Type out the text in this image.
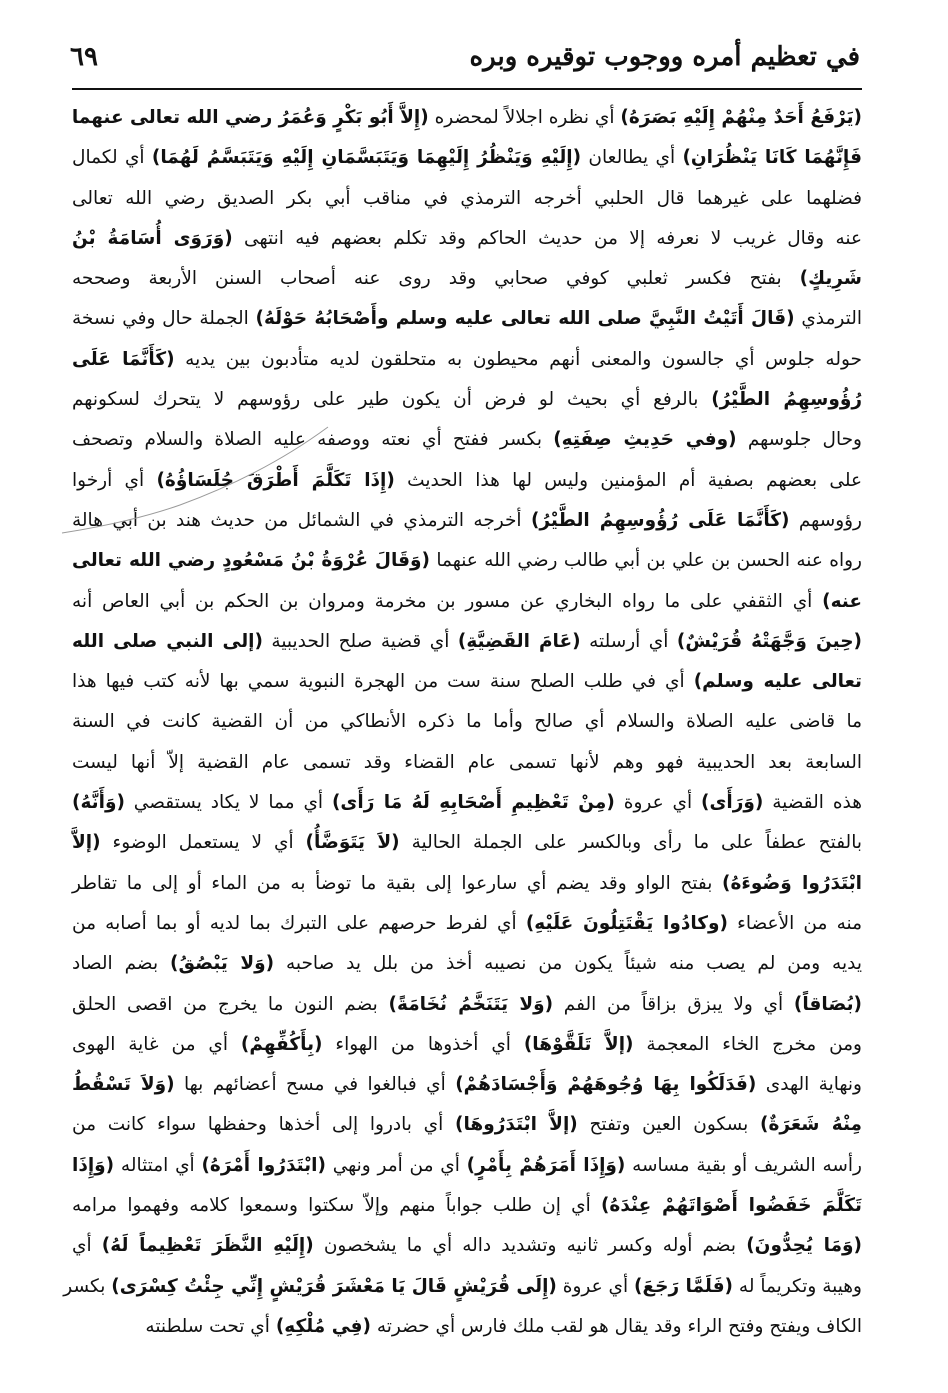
في تعظيم أمره ووجوب توقيره وبره
٦٩
(يَرْفَعُ أَحَدٌ مِنْهُمْ إِلَيْهِ بَصَرَهُ) أي نظره اجلالاً لمحضره (إِلاَّ أَبُو بَكْرٍ وَعُمَرُ رضي الله تعالى عنهما
فَإِنَّهُمَا كَانَا يَنْظُرَانِ) أي يطالعان (إِلَيْهِ وَيَنْظُرُ إِلَيْهِمَا وَيَتَبَسَّمَانِ إِلَيْهِ وَيَتَبَسَّمُ لَهُمَا) أي لكمال
فضلهما على غيرهما قال الحلبي أخرجه الترمذي في مناقب أبي بكر الصديق رضي الله تعالى
عنه وقال غريب لا نعرفه إلا من حديث الحاكم وقد تكلم بعضهم فيه انتهى (وَرَوَى أُسَامَةُ بْنُ
شَرِيكٍ) بفتح فكسر ثعلبي كوفي صحابي وقد روى عنه أصحاب السنن الأربعة وصححه
الترمذي (قَالَ أَتَيْتُ النَّبِيَّ صلى الله تعالى عليه وسلم وأَصْحَابُهُ حَوْلَهُ) الجملة حال وفي نسخة
حوله جلوس أي جالسون والمعنى أنهم محيطون به متحلقون لديه متأدبون بين يديه (كَأَنَّمَا عَلَى
رُؤُوسِهِمُ الطَّيْرُ) بالرفع أي بحيث لو فرض أن يكون طير على رؤوسهم لا يتحرك لسكونهم
وحال جلوسهم (وفي حَدِيثِ صِفَتِهِ) بكسر ففتح أي نعته ووصفه عليه الصلاة والسلام وتصحف
على بعضهم بصفية أم المؤمنين وليس لها هذا الحديث (إِذَا تَكَلَّمَ أَطْرَقَ جُلَسَاؤُهُ) أي أرخوا
رؤوسهم (كَأَنَّمَا عَلَى رُؤُوسِهِمُ الطَّيْرُ) أخرجه الترمذي في الشمائل من حديث هند بن أبي هالة
رواه عنه الحسن بن علي بن أبي طالب رضي الله عنهما (وَقَالَ عُرْوَةُ بْنُ مَسْعُودٍ رضي الله تعالى
عنه) أي الثقفي على ما رواه البخاري عن مسور بن مخرمة ومروان بن الحكم بن أبي العاص أنه
(حِينَ وَجَّهَتْهُ قُرَيْشٌ) أي أرسلته (عَامَ القَضِيَّةِ) أي قضية صلح الحديبية (إلى النبي صلى الله
تعالى عليه وسلم) أي في طلب الصلح سنة ست من الهجرة النبوية سمي بها لأنه كتب فيها هذا
ما قاضى عليه الصلاة والسلام أي صالح وأما ما ذكره الأنطاكي من أن القضية كانت في السنة
السابعة بعد الحديبية فهو وهم لأنها تسمى عام القضاء وقد تسمى عام القضية إلاّ أنها ليست
هذه القضية (وَرَأَى) أي عروة (مِنْ تَعْظِيمِ أَصْحَابِهِ لَهُ مَا رَأَى) أي مما لا يكاد يستقصي (وَأَنَّهُ)
بالفتح عطفاً على ما رأى وبالكسر على الجملة الحالية (لاَ يَتَوَضَّأُ) أي لا يستعمل الوضوء (إلاَّ
ابْتَدَرُوا وَضُوءَهُ) بفتح الواو وقد يضم أي سارعوا إلى بقية ما توضأ به من الماء أو إلى ما تقاطر
منه من الأعضاء (وكادُوا يَقْتَتِلُونَ عَلَيْهِ) أي لفرط حرصهم على التبرك بما لديه أو بما أصابه من
يديه ومن لم يصب منه شيئاً يكون من نصيبه أخذ من بلل يد صاحبه (وَلا يَبْصُقُ) بضم الصاد
(بُصَاقاً) أي ولا يبزق بزاقاً من الفم (وَلا يَتَنَخَّمُ نُخَامَةً) بضم النون ما يخرج من اقصى الحلق
ومن مخرج الخاء المعجمة (إلاَّ تَلَقَّوْهَا) أي أخذوها من الهواء (بِأَكُفِّهِمْ) أي من غاية الهوى
ونهاية الهدى (فَدَلَكُوا بِهَا وُجُوهَهُمْ وَأَجْسَادَهُمْ) أي فبالغوا في مسح أعضائهم بها (وَلاَ تَسْقُطُ
مِنْهُ شَعَرَةٌ) بسكون العين وتفتح (إلاَّ ابْتَدَرُوهَا) أي بادروا إلى أخذها وحفظها سواء كانت من
رأسه الشريف أو بقية مساسه (وَإِذَا أَمَرَهُمْ بِأَمْرٍ) أي من أمر ونهي (ابْتَدَرُوا أَمْرَهُ) أي امتثاله (وَإِذَا
تَكَلَّمَ خَفَضُوا أَصْوَاتَهُمْ عِنْدَهُ) أي إن طلب جواباً منهم وإلاّ سكتوا وسمعوا كلامه وفهموا مرامه
(وَمَا يُحِدُّونَ) بضم أوله وكسر ثانيه وتشديد داله أي ما يشخصون (إِلَيْهِ النَّظَرَ تَعْظِيماً لَهُ) أي
وهيبة وتكريماً له (فَلَمَّا رَجَعَ) أي عروة (إِلَى قُرَيْشٍ قَالَ يَا مَعْشَرَ قُرَيْشٍ إِنِّي جِئْتُ كِسْرَى) بكسر
الكاف ويفتح وفتح الراء وقد يقال هو لقب ملك فارس أي حضرته (فِي مُلْكِهِ) أي تحت سلطنته
